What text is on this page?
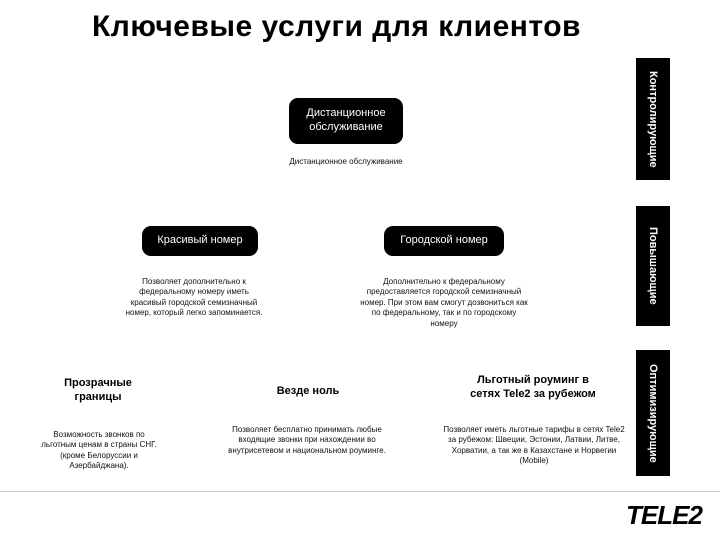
Ключевые услуги для клиентов
Контролирующие
Повышающие
Оптимизирующие
Дистанционное обслуживание
Дистанционное обслуживание
Красивый номер
Позволяет дополнительно к федеральному номеру иметь красивый городской семизначный номер, который легко запоминается.
Городской номер
Дополнительно к федеральному предоставляется городской семизначный номер. При этом вам смогут дозвониться как по федеральному, так и по городскому номеру
Прозрачные границы
Возможность звонков по льготным ценам в страны СНГ. (кроме Белоруссии и Азербайджана).
Везде ноль
Позволяет бесплатно принимать любые входящие звонки при нахождении во внутрисетевом и национальном роуминге.
Льготный роуминг в сетях Tele2 за рубежом
Позволяет иметь льготные тарифы в сетях Tele2 за рубежом: Швеции, Эстонии, Латвии, Литве, Хорватии, а так же в Казахстане и Норвегии (Mobile)
TELE2
